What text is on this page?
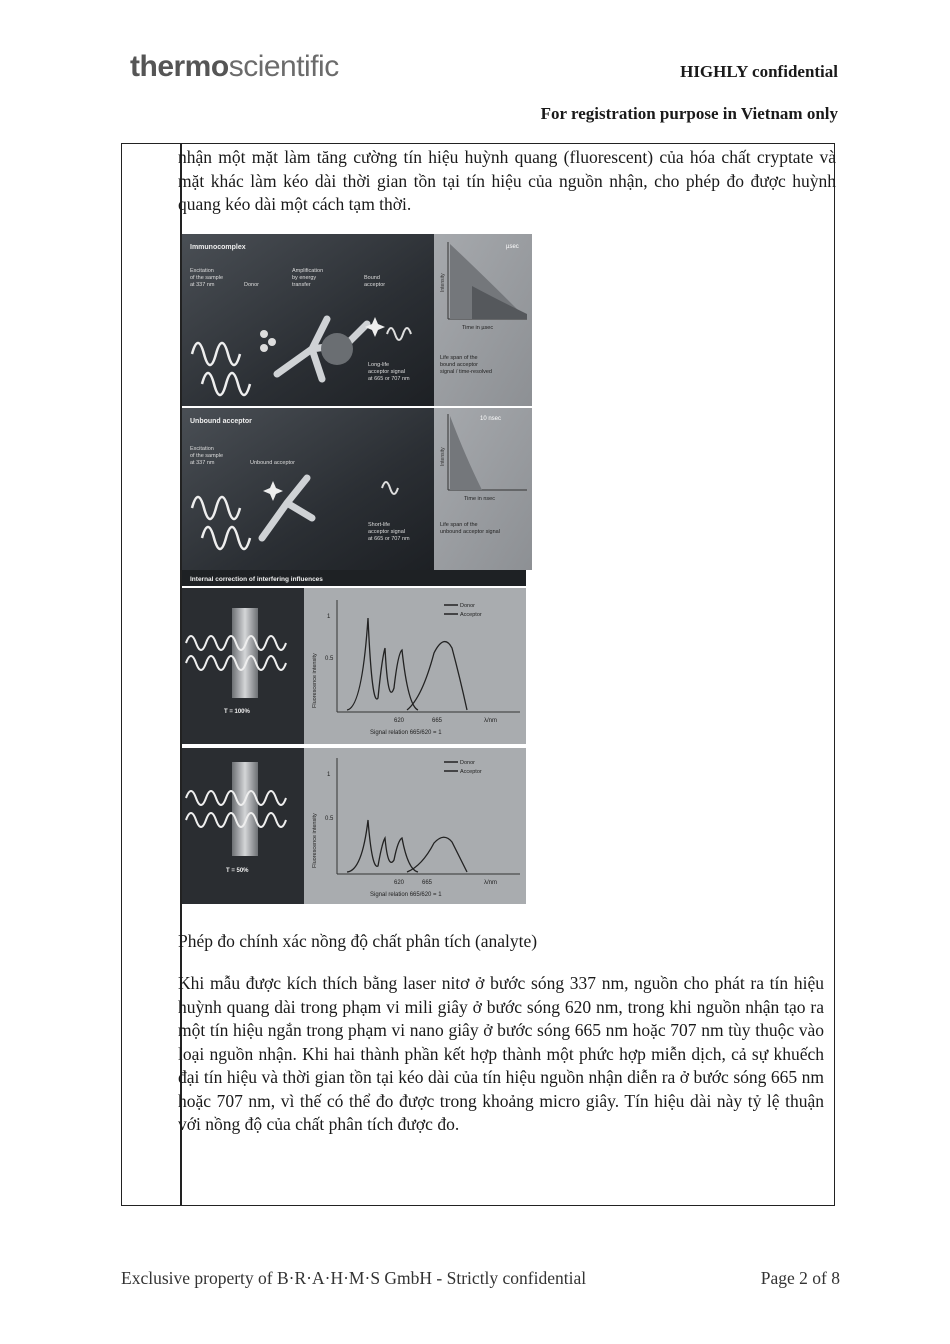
thermoscientific	HIGHLY confidential
For registration purpose in Vietnam only
nhận một mặt làm tăng cường tín hiệu huỳnh quang (fluorescent) của hóa chất cryptate và mặt khác làm kéo dài thời gian tồn tại tín hiệu của nguồn nhận, cho phép đo được huỳnh quang kéo dài một cách tạm thời.
Immunocomplex
Excitation of the sample at 337 nm	Donor
Amplification by energy transfer
Bound acceptor
Long-life acceptor signal at 665 or 707 nm
µsec
Intensity
Time in µsec
Life span of the bound acceptor signal / time-resolved
Unbound acceptor
Excitation of the sample at 337 nm	Unbound acceptor
Short-life acceptor signal at 665 or 707 nm
10 nsec
Intensity
Time in nsec
Life span of the unbound acceptor signal
Internal correction of interfering influences
T = 100%
Fluorescence intensity
1
0.5
Donor
Acceptor
620	665	λ/nm
Signal relation 665/620 = 1
T = 50%
Fluorescence intensity
1
0.5
Donor
Acceptor
620	665	λ/nm
Signal relation 665/620 = 1
Phép đo chính xác nồng độ chất phân tích (analyte)
Khi mẫu được kích thích bằng laser nitơ ở bước sóng 337 nm, nguồn cho phát ra tín hiệu huỳnh quang dài trong phạm vi mili giây ở bước sóng 620 nm, trong khi nguồn nhận tạo ra một tín hiệu ngắn trong phạm vi nano giây ở bước sóng 665 nm hoặc 707 nm tùy thuộc vào loại nguồn nhận. Khi hai thành phần kết hợp thành một phức hợp miễn dịch, cả sự khuếch đại tín hiệu và thời gian tồn tại kéo dài của tín hiệu nguồn nhận diễn ra ở bước sóng 665 nm hoặc 707 nm, vì thế có thể đo được trong khoảng micro giây. Tín hiệu dài này tỷ lệ thuận với nồng độ của chất phân tích được đo.
Exclusive property of B·R·A·H·M·S GmbH - Strictly confidential	Page 2 of 8
